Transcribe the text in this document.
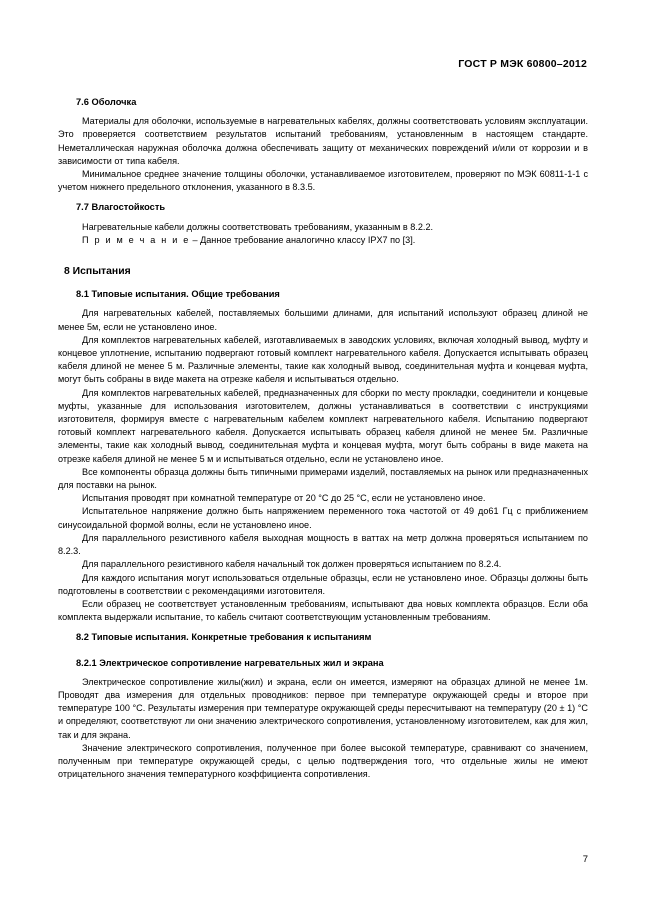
ГОСТ Р МЭК 60800–2012
7.6 Оболочка

Материалы для оболочки, используемые в нагревательных кабелях, должны соответствовать условиям эксплуатации. Это проверяется соответствием результатов испытаний требованиям, установленным в настоящем стандарте. Неметаллическая наружная оболочка должна обеспечивать защиту от механических повреждений и/или от коррозии и в зависимости от типа кабеля.

Минимальное среднее значение толщины оболочки, устанавливаемое изготовителем, проверяют по МЭК 60811-1-1 с учетом нижнего предельного отклонения, указанного в 8.3.5.

7.7 Влагостойкость

Нагревательные кабели должны соответствовать требованиям, указанным в 8.2.2.

П р и м е ч а н и е – Данное требование аналогично классу IPX7 по [3].

8 Испытания
8.1 Типовые испытания. Общие требования

Для нагревательных кабелей, поставляемых большими длинами, для испытаний используют образец длиной не менее 5м, если не установлено иное.

Для комплектов нагревательных кабелей, изготавливаемых в заводских условиях, включая холодный вывод, муфту и концевое уплотнение, испытанию подвергают готовый комплект нагревательного кабеля. Допускается испытывать образец кабеля длиной не менее 5 м. Различные элементы, такие как холодный вывод, соединительная муфта и концевая муфта, могут быть собраны в виде макета на отрезке кабеля и испытываться отдельно.

Для комплектов нагревательных кабелей, предназначенных для сборки по месту прокладки, соединители и концевые муфты, указанные для использования изготовителем, должны устанавливаться в соответствии с инструкциями изготовителя, формируя вместе с нагревательным кабелем комплект нагревательного кабеля. Испытанию подвергают готовый комплект нагревательного кабеля. Допускается испытывать образец кабеля длиной не менее 5м. Различные элементы, такие как холодный вывод, соединительная муфта и концевая муфта, могут быть собраны в виде макета на отрезке кабеля длиной не менее 5 м и испытываться отдельно, если не установлено иное.

Все компоненты образца должны быть типичными примерами изделий, поставляемых на рынок или предназначенных для поставки на рынок.

Испытания проводят при комнатной температуре от 20 °С до 25 °С, если не установлено иное.

Испытательное напряжение должно быть напряжением переменного тока частотой от 49 до61 Гц с приближением синусоидальной формой волны, если не установлено иное.

Для параллельного резистивного кабеля выходная мощность в ваттах на метр должна проверяться испытанием по 8.2.3.

Для параллельного резистивного кабеля начальный ток должен проверяться испытанием по 8.2.4.

Для каждого испытания могут использоваться отдельные образцы, если не установлено иное. Образцы должны быть подготовлены в соответствии с рекомендациями изготовителя.

Если образец не соответствует установленным требованиям, испытывают два новых комплекта образцов. Если оба комплекта выдержали испытание, то кабель считают соответствующим установленным требованиям.

8.2 Типовые испытания. Конкретные требования к испытаниям
8.2.1 Электрическое сопротивление нагревательных жил и экрана

Электрическое сопротивление жилы(жил) и экрана, если он имеется, измеряют на образцах длиной не менее 1м. Проводят два измерения для отдельных проводников: первое при температуре окружающей среды и второе при температуре 100 °С. Результаты измерения при температуре окружающей среды пересчитывают на температуру (20 ± 1) °С и определяют, соответствуют ли они значению электрического сопротивления, установленному изготовителем, как для жил, так и для экрана.

Значение электрического сопротивления, полученное при более высокой температуре, сравнивают со значением, полученным при температуре окружающей среды, с целью подтверждения того, что отдельные жилы не имеют отрицательного значения температурного коэффициента сопротивления.

7
